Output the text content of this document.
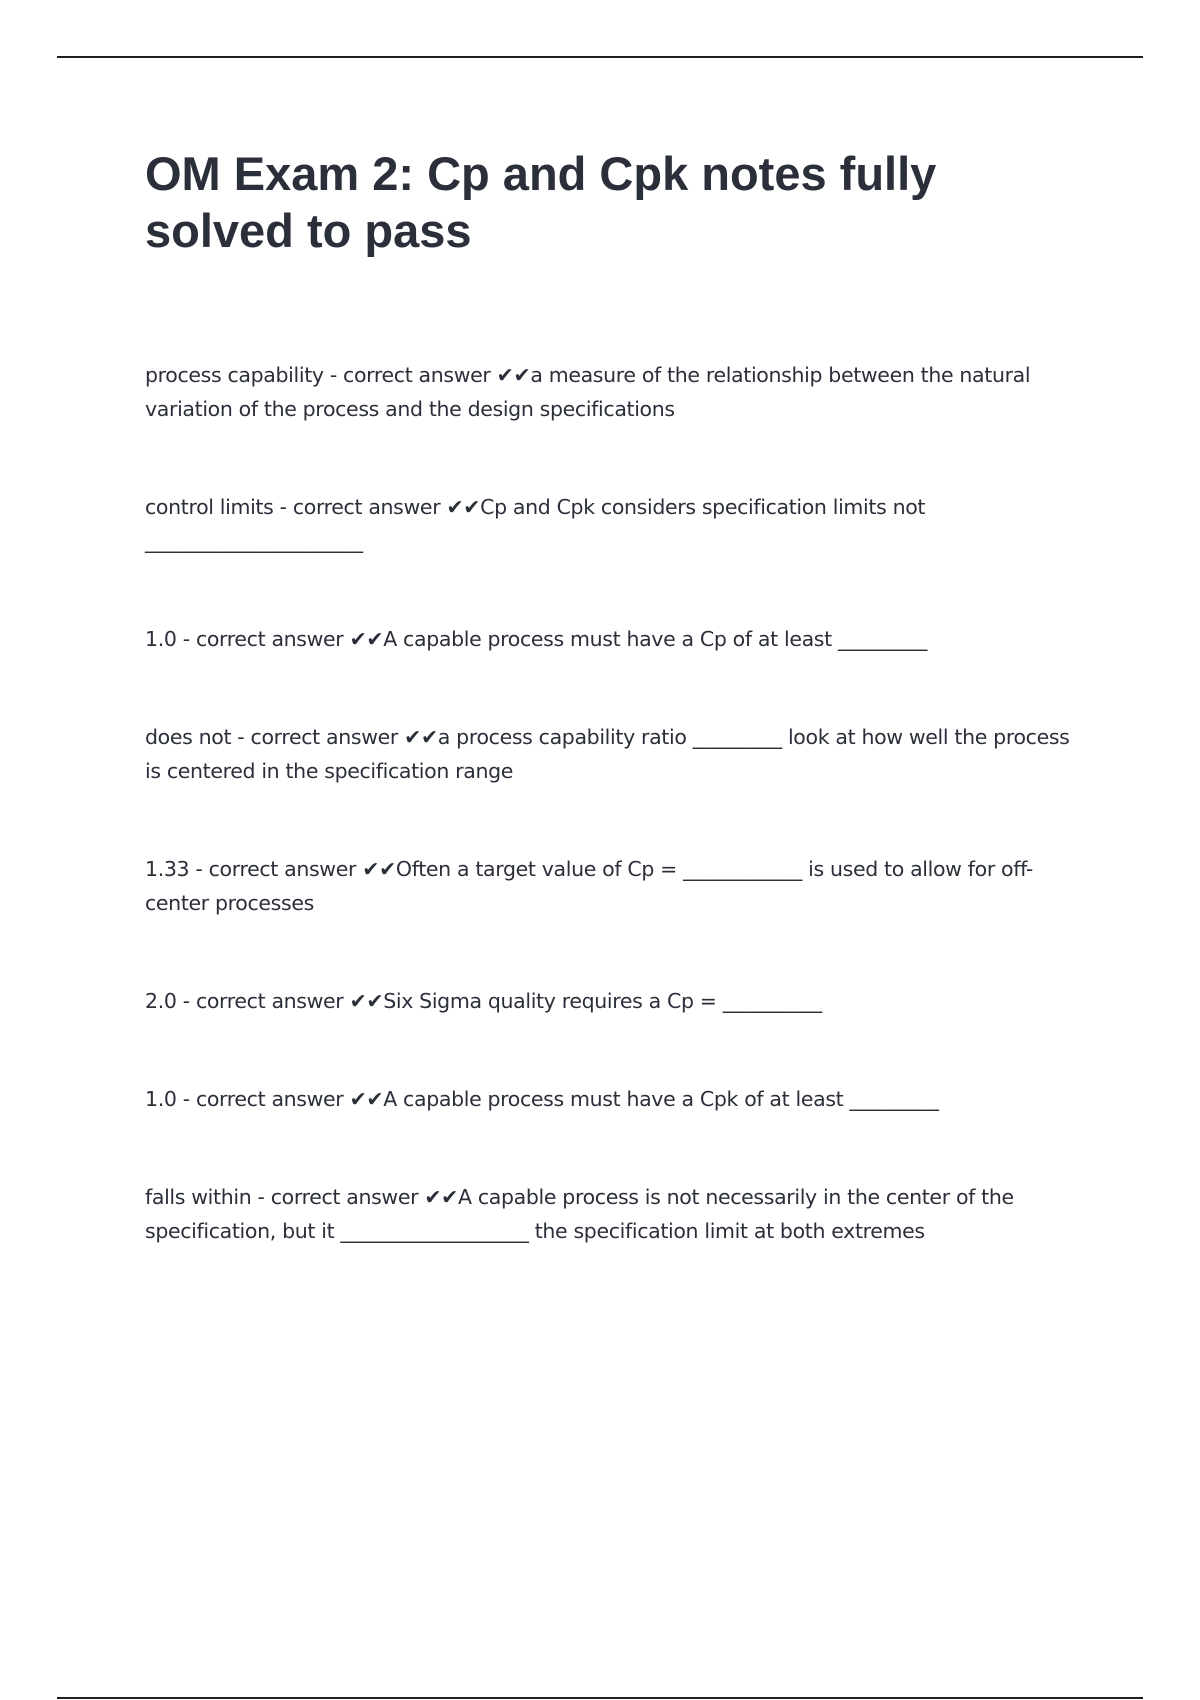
OM Exam 2: Cp and Cpk notes fully solved to pass
process capability - correct answer ✔✔a measure of the relationship between the natural variation of the process and the design specifications
control limits - correct answer ✔✔Cp and Cpk considers specification limits not ______________________
1.0 - correct answer ✔✔A capable process must have a Cp of at least _________
does not - correct answer ✔✔a process capability ratio _________ look at how well the process is centered in the specification range
1.33 - correct answer ✔✔Often a target value of Cp = ____________ is used to allow for off-center processes
2.0 - correct answer ✔✔Six Sigma quality requires a Cp = __________
1.0 - correct answer ✔✔A capable process must have a Cpk of at least _________
falls within - correct answer ✔✔A capable process is not necessarily in the center of the specification, but it ___________________ the specification limit at both extremes
